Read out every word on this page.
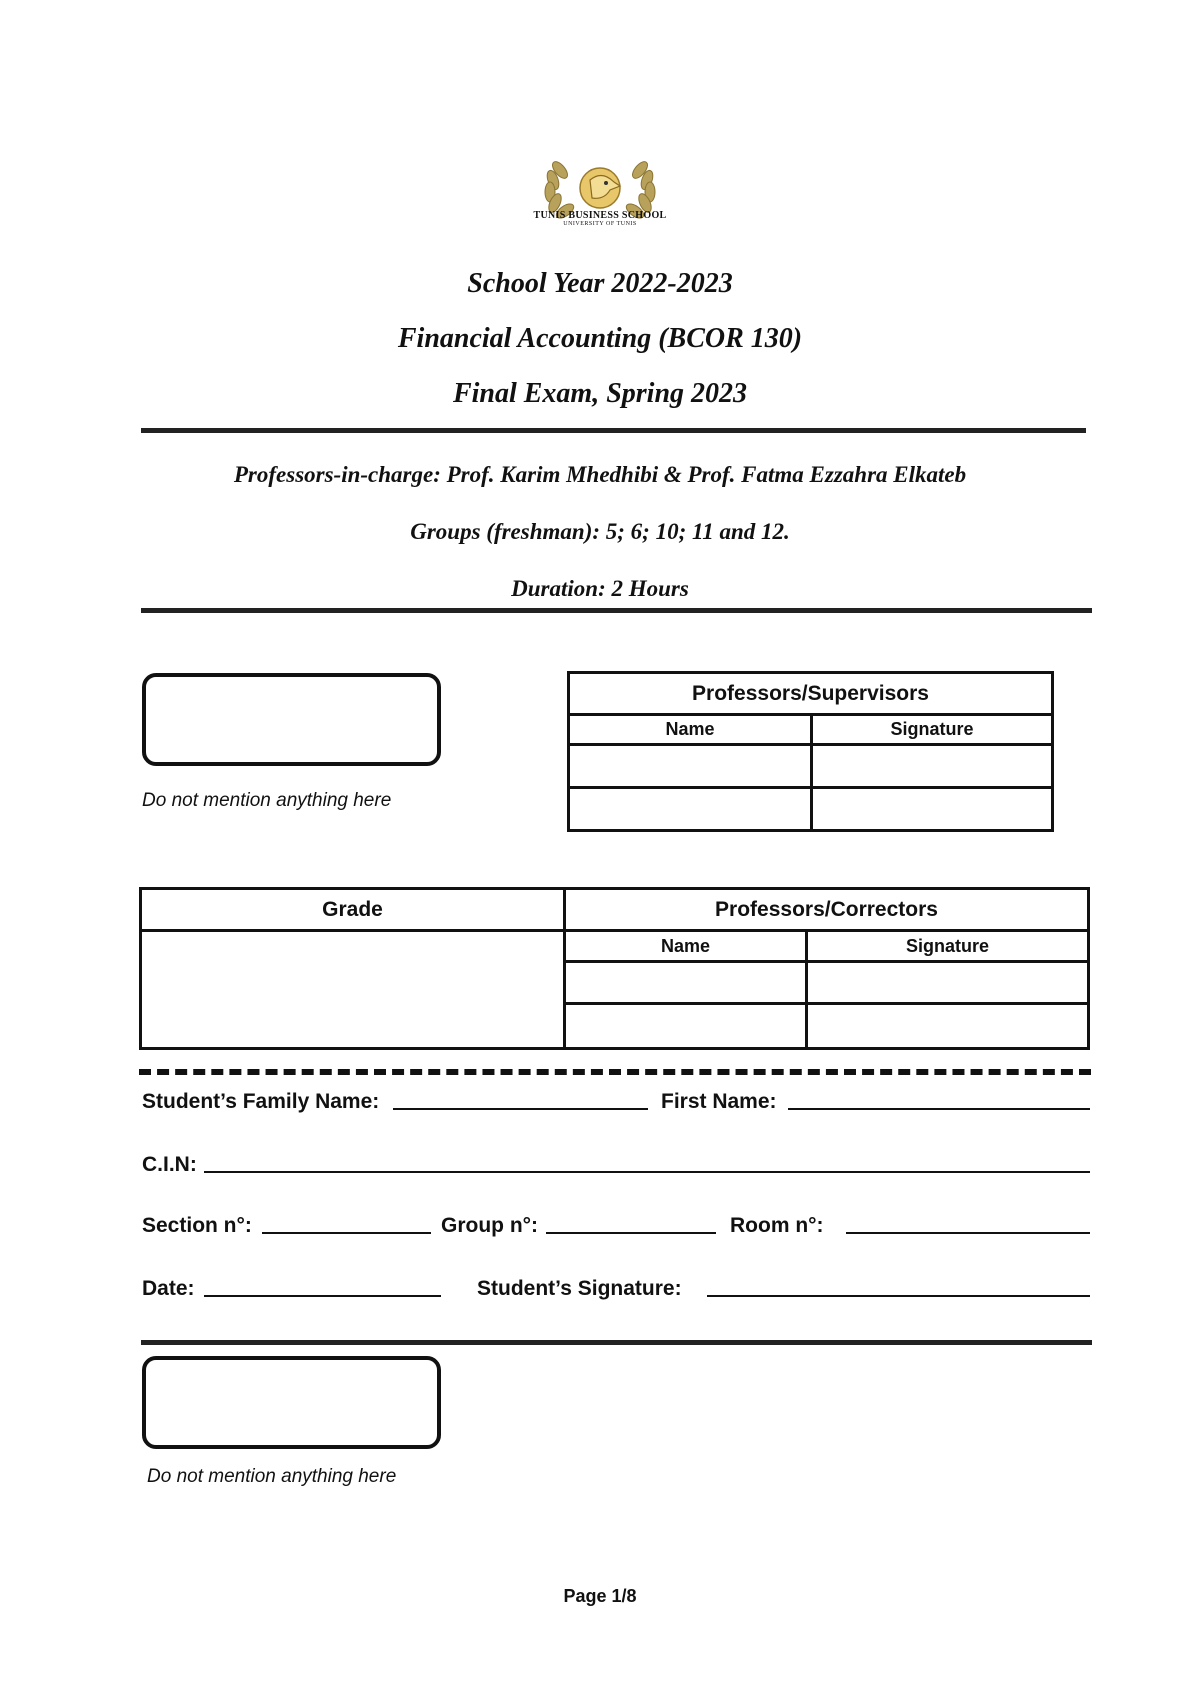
TUNIS BUSINESS SCHOOL
UNIVERSITY OF TUNIS
School Year 2022-2023
Financial Accounting (BCOR 130)
Final Exam, Spring 2023
Professors-in-charge: Prof. Karim Mhedhibi & Prof. Fatma Ezzahra Elkateb
Groups (freshman): 5; 6; 10; 11 and 12.
Duration: 2 Hours
Do not mention anything here
Professors/Supervisors	
Name	Signature

Grade	Professors/Correctors	
	Name	Signature

Student’s Family Name:	First Name:
C.I.N:
Section n°:	Group n°:	Room n°:
Date:	Student’s Signature:
Do not mention anything here
Page 1/8
